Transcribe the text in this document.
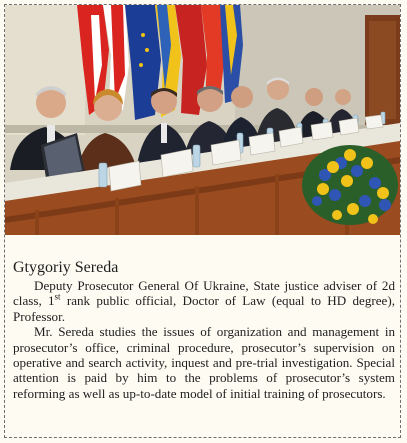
Gtygoriy Sereda

Deputy Prosecutor General Of Ukraine, State justice adviser of 2d class, 1st rank public official, Doctor of Law (equal to HD degree), Professor.

Mr. Sereda studies the issues of organization and management in prosecutor’s office, criminal procedure, prosecutor’s supervision on operative and search activity, inquest and pre-trial investigation. Special attention is paid by him to the problems of prosecutor’s system reforming as well as up-to-date model of initial training of prosecutors.
